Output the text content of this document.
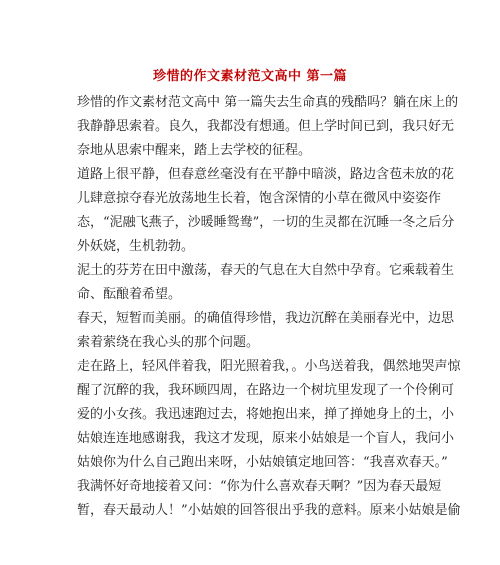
珍惜的作文素材范文高中 第一篇
珍惜的作文素材范文高中 第一篇失去生命真的残酷吗？躺在床上的
我静静思索着。良久，我都没有想通。但上学时间已到，我只好无
奈地从思索中醒来，踏上去学校的征程。
道路上很平静，但春意丝毫没有在平静中暗淡，路边含苞未放的花
儿肆意掠夺春光放荡地生长着，饱含深情的小草在微风中姿姿作
态，“泥融飞燕子，沙暖睡鸳鸯”，一切的生灵都在沉睡一冬之后分
外妖娆，生机勃勃。
泥土的芬芳在田中激荡，春天的气息在大自然中孕育。它乘载着生
命、酝酿着希望。
春天，短暂而美丽。的确值得珍惜，我边沉醉在美丽春光中，边思
索着萦绕在我心头的那个问题。
走在路上，轻风伴着我，阳光照着我，。小鸟送着我，偶然地哭声惊
醒了沉醉的我，我环顾四周，在路边一个树坑里发现了一个伶俐可
爱的小女孩。我迅速跑过去，将她抱出来，掸了掸她身上的土，小
姑娘连连地感谢我，我这才发现，原来小姑娘是一个盲人，我问小
姑娘你为什么自己跑出来呀，小姑娘镇定地回答：“我喜欢春天。”
我满怀好奇地接着又问：“你为什么喜欢春天啊？”因为春天最短
暂，春天最动人！”小姑娘的回答很出乎我的意料。原来小姑娘是偷
